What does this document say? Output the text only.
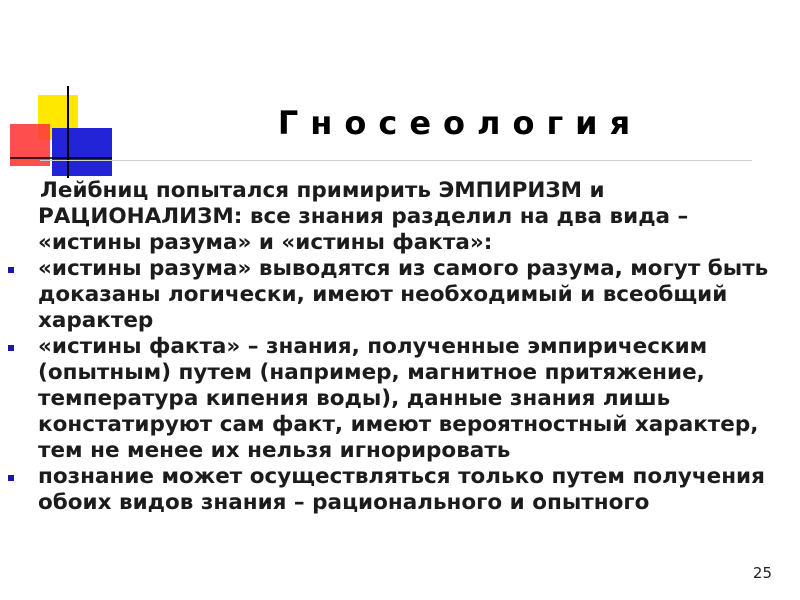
Гносеология
Лейбниц попытался примирить ЭМПИРИЗМ и РАЦИОНАЛИЗМ: все знания разделил на два вида – «истины разума» и «истины факта»:
«истины разума» выводятся из самого разума, могут быть доказаны логически, имеют необходимый и всеобщий характер
«истины факта» – знания, полученные эмпирическим (опытным) путем (например, магнитное притяжение, температура кипения воды), данные знания лишь констатируют сам факт, имеют вероятностный характер, тем не менее их нельзя игнорировать
познание может осуществляться только путем получения обоих видов знания – рационального и опытного
25
